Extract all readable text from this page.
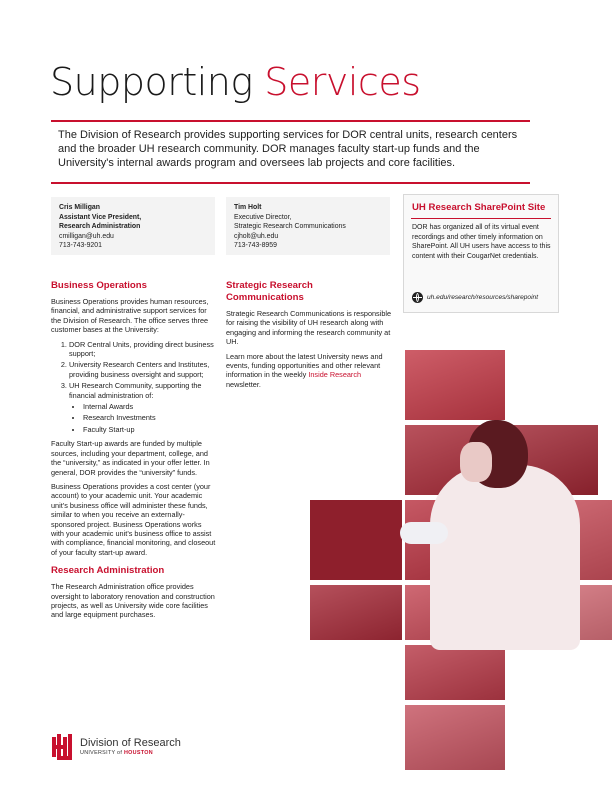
Supporting Services
The Division of Research provides supporting services for DOR central units, research centers and the broader UH research community. DOR manages faculty start-up funds and the University's internal awards program and oversees lab projects and core facilities.
Cris Milligan
Assistant Vice President,
Research Administration
cmilligan@uh.edu
713-743-9201
Tim Holt
Executive Director,
Strategic Research Communications
cjholt@uh.edu
713-743-8959
UH Research SharePoint Site
DOR has organized all of its virtual event recordings and other timely information on SharePoint. All UH users have access to this content with their CougarNet credentials.
uh.edu/research/resources/sharepoint
Business Operations
Business Operations provides human resources, financial, and administrative support services for the Division of Research. The office serves three customer bases at the University:
1. DOR Central Units, providing direct business support;
2. University Research Centers and Institutes, providing business oversight and support;
3. UH Research Community, supporting the financial administration of:
• Internal Awards
• Research Investments
• Faculty Start-up
Faculty Start-up awards are funded by multiple sources, including your department, college, and the “university,” as indicated in your offer letter. In general, DOR provides the “university” funds.
Business Operations provides a cost center (your account) to your academic unit. Your academic unit’s business office will administer these funds, similar to when you receive an externally-sponsored project. Business Operations works with your academic unit’s business office to assist with compliance, financial monitoring, and closeout of your faculty start-up award.
Research Administration
The Research Administration office provides oversight to laboratory renovation and construction projects, as well as University wide core facilities and large equipment purchases.
Strategic Research
Communications
Strategic Research Communications is responsible for raising the visibility of UH research along with engaging and informing the research community at UH.
Learn more about the latest University news and events, funding opportunities and other relevant information in the weekly Inside Research newsletter.
Division of Research
UNIVERSITY of HOUSTON
